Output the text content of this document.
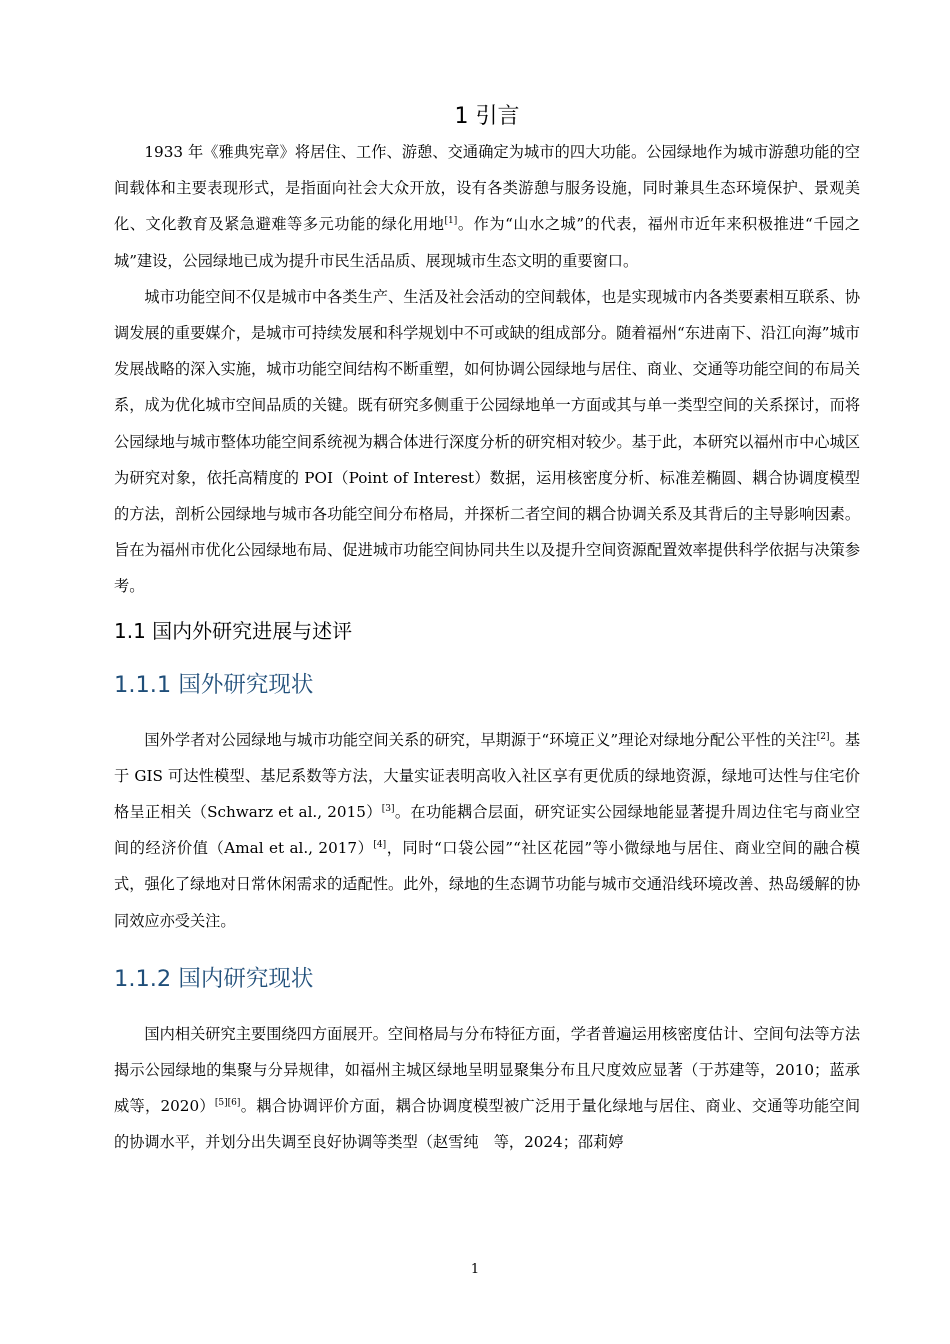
1 引言

1933 年《雅典宪章》将居住、工作、游憩、交通确定为城市的四大功能。公园绿地作为城市游憩功能的空间载体和主要表现形式，是指面向社会大众开放，设有各类游憩与服务设施，同时兼具生态环境保护、景观美化、文化教育及紧急避难等多元功能的绿化用地[1]。作为“山水之城”的代表，福州市近年来积极推进“千园之城”建设，公园绿地已成为提升市民生活品质、展现城市生态文明的重要窗口。

城市功能空间不仅是城市中各类生产、生活及社会活动的空间载体，也是实现城市内各类要素相互联系、协调发展的重要媒介，是城市可持续发展和科学规划中不可或缺的组成部分。随着福州“东进南下、沿江向海”城市发展战略的深入实施，城市功能空间结构不断重塑，如何协调公园绿地与居住、商业、交通等功能空间的布局关系，成为优化城市空间品质的关键。既有研究多侧重于公园绿地单一方面或其与单一类型空间的关系探讨，而将公园绿地与城市整体功能空间系统视为耦合体进行深度分析的研究相对较少。基于此，本研究以福州市中心城区为研究对象，依托高精度的 POI（Point of Interest）数据，运用核密度分析、标准差椭圆、耦合协调度模型的方法，剖析公园绿地与城市各功能空间分布格局，并探析二者空间的耦合协调关系及其背后的主导影响因素。旨在为福州市优化公园绿地布局、促进城市功能空间协同共生以及提升空间资源配置效率提供科学依据与决策参考。

1.1 国内外研究进展与述评
1.1.1 国外研究现状

国外学者对公园绿地与城市功能空间关系的研究，早期源于“环境正义”理论对绿地分配公平性的关注[2]。基于 GIS 可达性模型、基尼系数等方法，大量实证表明高收入社区享有更优质的绿地资源，绿地可达性与住宅价格呈正相关（Schwarz et al., 2015）[3]。在功能耦合层面，研究证实公园绿地能显著提升周边住宅与商业空间的经济价值（Amal et al., 2017）[4]，同时“口袋公园”“社区花园”等小微绿地与居住、商业空间的融合模式，强化了绿地对日常休闲需求的适配性。此外，绿地的生态调节功能与城市交通沿线环境改善、热岛缓解的协同效应亦受关注。

1.1.2 国内研究现状

国内相关研究主要围绕四方面展开。空间格局与分布特征方面，学者普遍运用核密度估计、空间句法等方法揭示公园绿地的集聚与分异规律，如福州主城区绿地呈明显聚集分布且尺度效应显著（于苏建等，2010；蓝承威等，2020）[5][6]。耦合协调评价方面，耦合协调度模型被广泛用于量化绿地与居住、商业、交通等功能空间的协调水平，并划分出失调至良好协调等类型（赵雪纯　等，2024；邵莉婷

1
